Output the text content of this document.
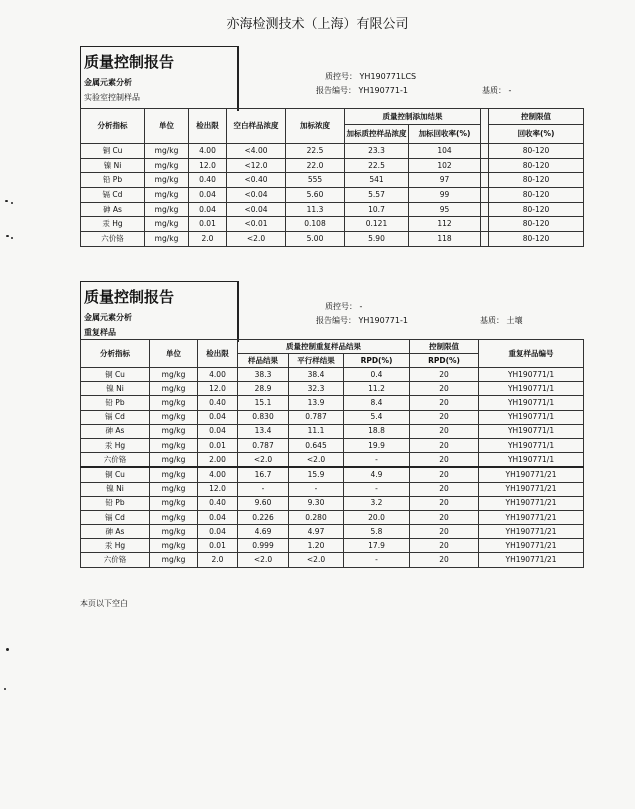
亦海检测技术（上海）有限公司
质量控制报告
金属元素分析
实验室控制样品
质控号： YH190771LCS
报告编号： YH190771-1	基质： -
分析指标	单位	检出限	空白样品浓度	加标浓度	质量控制添加结果			控制限值
					加标质控样品浓度	加标回收率(%)		回收率(%)
铜 Cu	mg/kg	4.00	<4.00	22.5	23.3	104		80-120
镍 Ni	mg/kg	12.0	<12.0	22.0	22.5	102		80-120
铅 Pb	mg/kg	0.40	<0.40	555	541	97		80-120
镉 Cd	mg/kg	0.04	<0.04	5.60	5.57	99		80-120
砷 As	mg/kg	0.04	<0.04	11.3	10.7	95		80-120
汞 Hg	mg/kg	0.01	<0.01	0.108	0.121	112		80-120
六价铬	mg/kg	2.0	<2.0	5.00	5.90	118		80-120
质量控制报告
金属元素分析
重复样品
质控号： -
报告编号： YH190771-1	基质： 土壤
分析指标	单位	检出限	质量控制重复样品结果			控制限值	重复样品编号
			样品结果	平行样结果	RPD(%)	RPD(%)	
铜 Cu	mg/kg	4.00	38.3	38.4	0.4	20	YH190771/1
镍 Ni	mg/kg	12.0	28.9	32.3	11.2	20	YH190771/1
铅 Pb	mg/kg	0.40	15.1	13.9	8.4	20	YH190771/1
镉 Cd	mg/kg	0.04	0.830	0.787	5.4	20	YH190771/1
砷 As	mg/kg	0.04	13.4	11.1	18.8	20	YH190771/1
汞 Hg	mg/kg	0.01	0.787	0.645	19.9	20	YH190771/1
六价铬	mg/kg	2.00	<2.0	<2.0	-	20	YH190771/1
铜 Cu	mg/kg	4.00	16.7	15.9	4.9	20	YH190771/21
镍 Ni	mg/kg	12.0	-	-	-	20	YH190771/21
铅 Pb	mg/kg	0.40	9.60	9.30	3.2	20	YH190771/21
镉 Cd	mg/kg	0.04	0.226	0.280	20.0	20	YH190771/21
砷 As	mg/kg	0.04	4.69	4.97	5.8	20	YH190771/21
汞 Hg	mg/kg	0.01	0.999	1.20	17.9	20	YH190771/21
六价铬	mg/kg	2.0	<2.0	<2.0	-	20	YH190771/21
本页以下空白
